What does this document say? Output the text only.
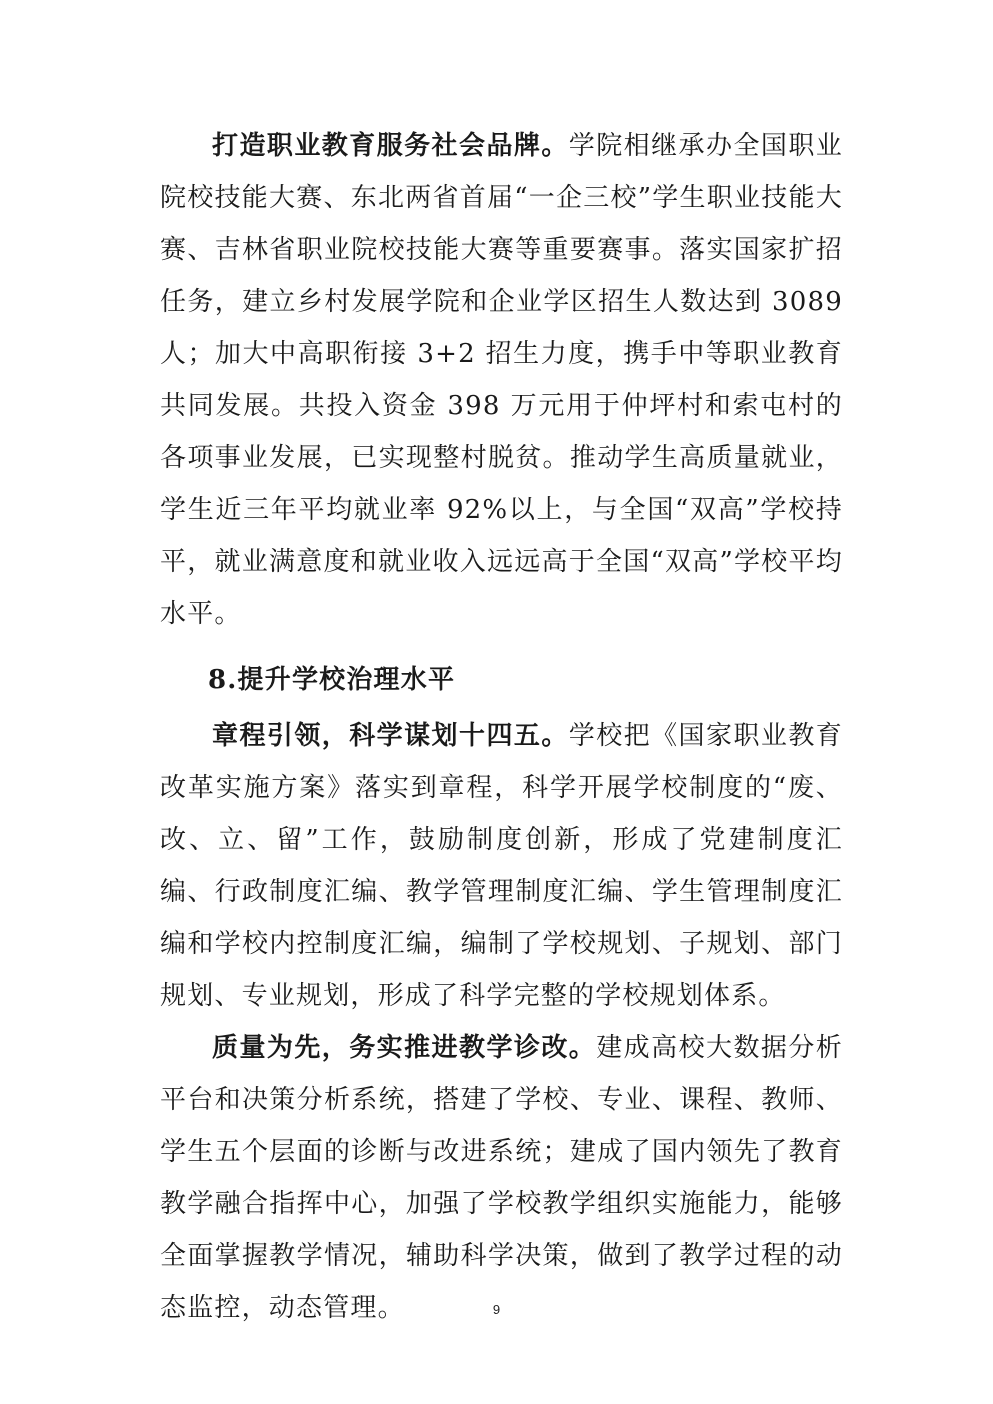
打造职业教育服务社会品牌。学院相继承办全国职业院校技能大赛、东北两省首届“一企三校”学生职业技能大赛、吉林省职业院校技能大赛等重要赛事。落实国家扩招任务，建立乡村发展学院和企业学区招生人数达到 3089 人；加大中高职衔接 3+2 招生力度，携手中等职业教育共同发展。共投入资金 398 万元用于仲坪村和索屯村的各项事业发展，已实现整村脱贫。推动学生高质量就业，学生近三年平均就业率 92%以上，与全国“双高”学校持平，就业满意度和就业收入远远高于全国“双高”学校平均水平。

8.提升学校治理水平

章程引领，科学谋划十四五。学校把《国家职业教育改革实施方案》落实到章程，科学开展学校制度的“废、改、立、留”工作，鼓励制度创新，形成了党建制度汇编、行政制度汇编、教学管理制度汇编、学生管理制度汇编和学校内控制度汇编，编制了学校规划、子规划、部门规划、专业规划，形成了科学完整的学校规划体系。

质量为先，务实推进教学诊改。建成高校大数据分析平台和决策分析系统，搭建了学校、专业、课程、教师、学生五个层面的诊断与改进系统；建成了国内领先了教育教学融合指挥中心，加强了学校教学组织实施能力，能够全面掌握教学情况，辅助科学决策，做到了教学过程的动态监控，动态管理。	9
